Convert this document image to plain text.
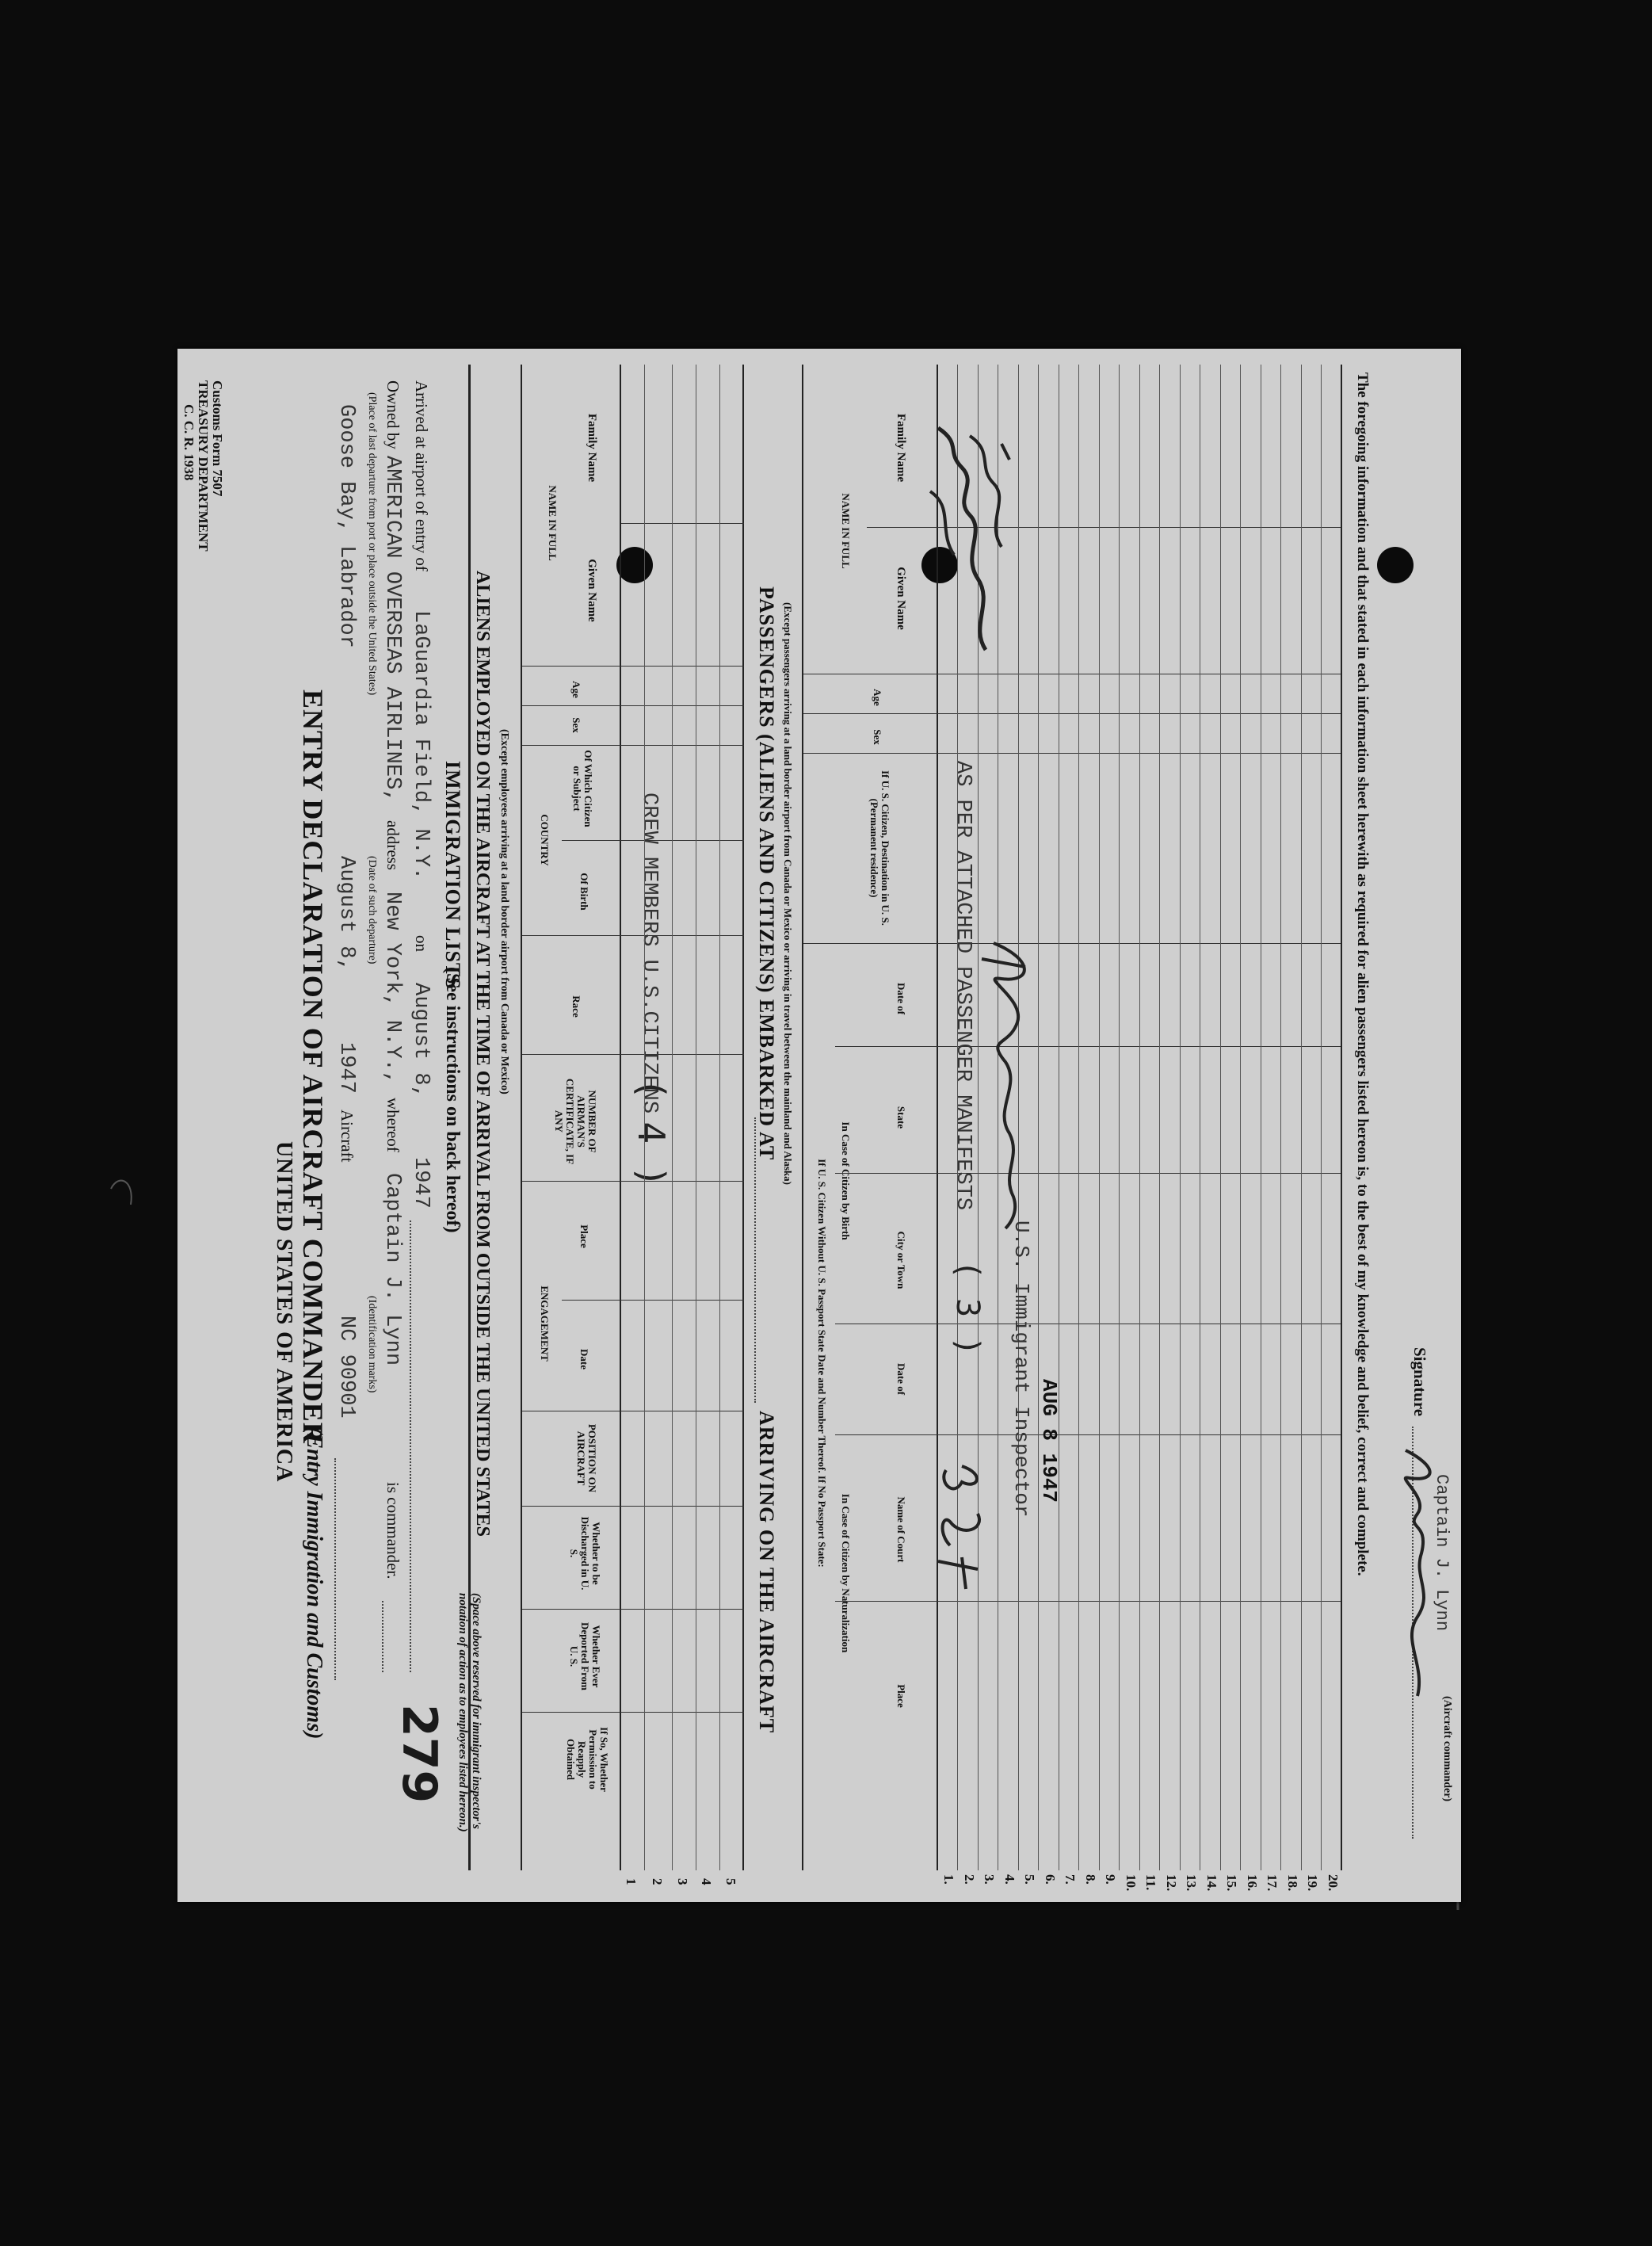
Customs Form 7507
TREASURY DEPARTMENT
C. C. R. 1938
UNITED STATES OF AMERICA ENTRY DECLARATION OF AIRCRAFT COMMANDER
(Entry Immigration and Customs)
279
Goose Bay, Labrador (Place of last departure from port or place outside the United States)
August 8, (Date of such departure)
1947
Aircraft
NC 90901 (Identification marks)
Owned by
AMERICAN OVERSEAS AIRLINES,
address
New York, N.Y.,
whereof
Captain J. Lynn
is commander.
Arrived at airport of entry of
LaGuardia Field, N.Y.
on
August 8,
1947
IMMIGRATION LISTS
(See instructions on back hereof)
(Space above reserved for immigrant inspector's notation of action as to employees listed hereon.)
ALIENS EMPLOYED ON THE AIRCRAFT AT THE TIME OF ARRIVAL FROM OUTSIDE THE UNITED STATES (Except employees arriving at a land border airport from Canada or Mexico)
NAME IN FULL
Family Name
Given Name
Age
Sex
COUNTRY
Of Which Citizen or Subject
Of Birth
Race
NUMBER OF AIRMAN'S CERTIFICATE, IF ANY
ENGAGEMENT
Place
Date
POSITION ON AIRCRAFT
Whether to be Discharged in U. S.
Whether Ever Deported From U. S.
If So, Whether Permission to Reapply Obtained
CREW MEMBERS U.S.CITIZENS
( 4 )
1 2 3 4 5
PASSENGERS (ALIENS AND CITIZENS) EMBARKED AT
ARRIVING ON THE AIRCRAFT
(Except passengers arriving at a land border airport from Canada or Mexico or arriving in travel between the mainland and Alaska)
NAME IN FULL
Family Name
Given Name
Age
Sex
If U. S. Citizen, Destination in U. S. (Permanent residence)
If U. S. Citizen Without U. S. Passport State Date and Number Thereof. If No Passport State: In Case of Citizen by Birth
In Case of Citizen by Naturalization
Date of
State
City or Town
Date of
Name of Court
Place
1. 2. 3. 4. 5. 6. 7. 8. 9. 10. 11. 12. 13. 14. 15. 16. 17. 18. 19. 20.
AS PER ATTACHED PASSENGER MANIFESTS
( 3 ) U.S. Immigrant Inspector AUG 8 1947	The foregoing information and that stated in each information sheet herewith as required for alien passengers listed hereon is, to the best of my knowledge and belief, correct and complete. Signature
Captain J. Lynn
(Aircraft commander)
